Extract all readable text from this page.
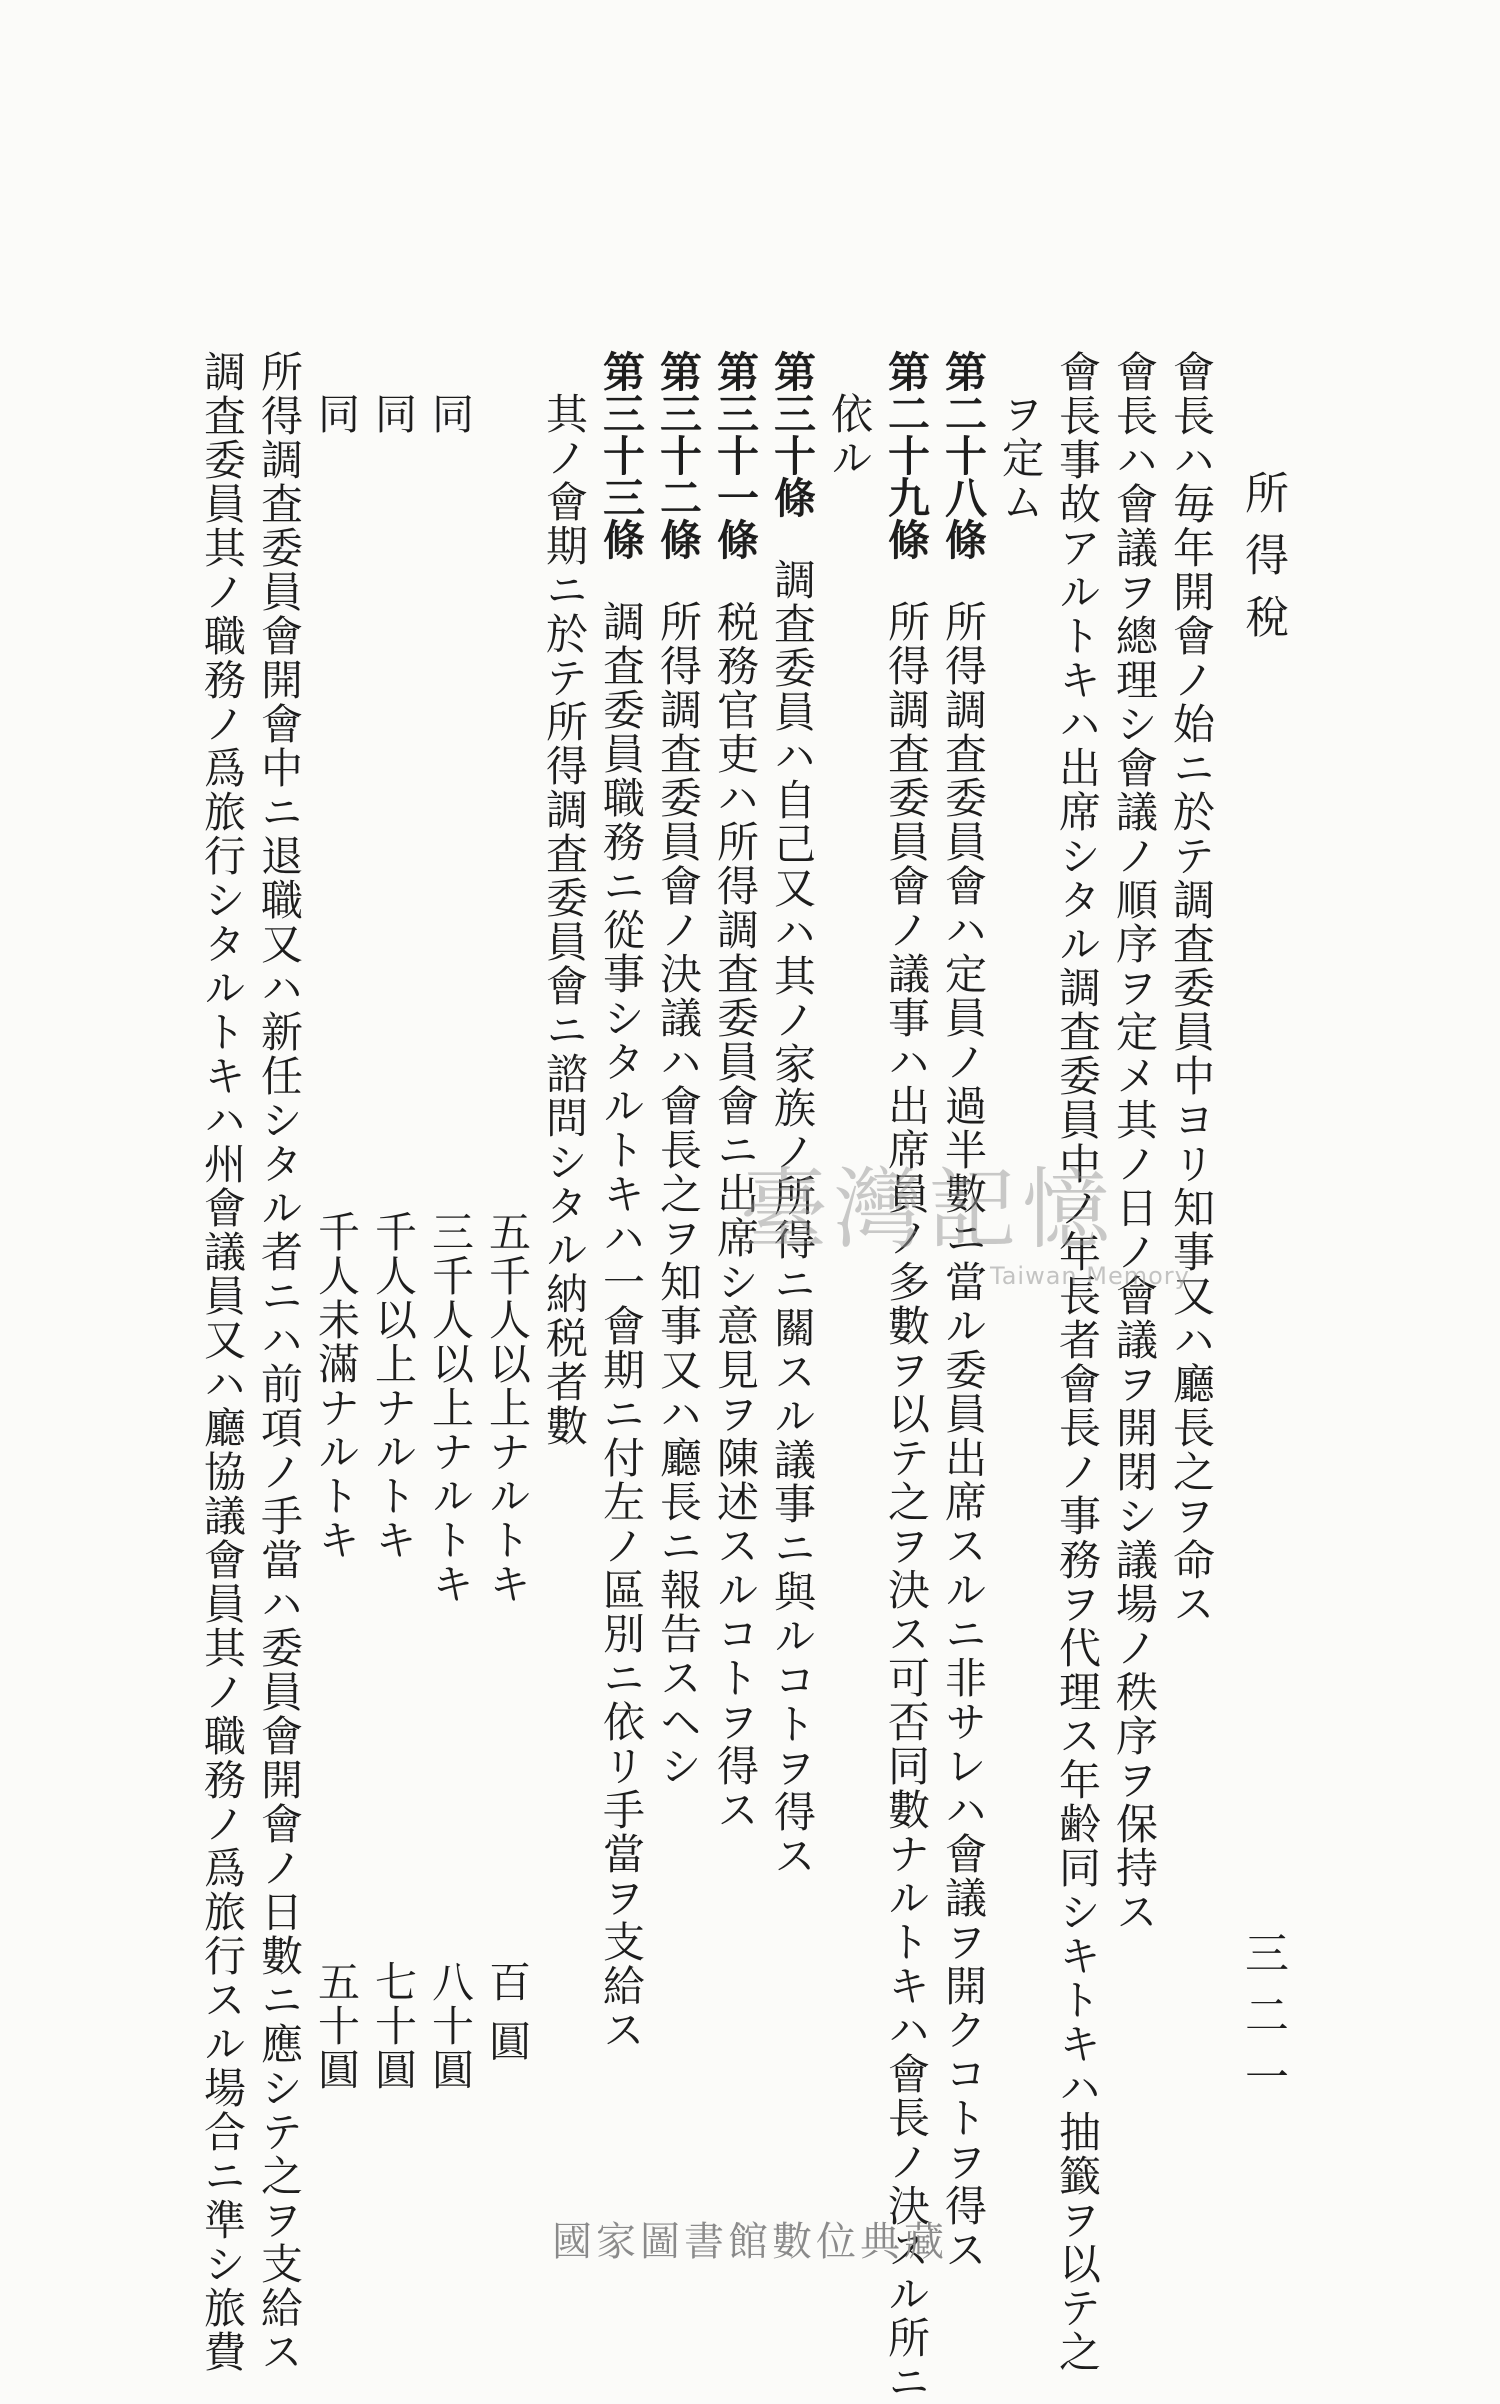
所得稅
三二一
會長ハ毎年開會ノ始ニ於テ調査委員中ヨリ知事又ハ廳長之ヲ命ス
會長ハ會議ヲ總理シ會議ノ順序ヲ定メ其ノ日ノ會議ヲ開閉シ議場ノ秩序ヲ保持ス
會長事故アルトキハ出席シタル調査委員中ノ年長者會長ノ事務ヲ代理ス年齢同シキトキハ抽籤ヲ以テ之
ヲ定ム
第二十八條所得調査委員會ハ定員ノ過半數ニ當ル委員出席スルニ非サレハ會議ヲ開クコトヲ得ス
第二十九條所得調査委員會ノ議事ハ出席員ノ多數ヲ以テ之ヲ決ス可否同數ナルトキハ會長ノ決スル所ニ
依ル
第三十條調査委員ハ自己又ハ其ノ家族ノ所得ニ關スル議事ニ與ルコトヲ得ス
第三十一條税務官吏ハ所得調査委員會ニ出席シ意見ヲ陳述スルコトヲ得ス
第三十二條所得調査委員會ノ決議ハ會長之ヲ知事又ハ廳長ニ報告スヘシ
第三十三條調査委員職務ニ從事シタルトキハ一會期ニ付左ノ區別ニ依リ手當ヲ支給ス
其ノ會期ニ於テ所得調査委員會ニ諮問シタル納税者數
五千人以上ナルトキ
百 圓
同
三千人以上ナルトキ
八十圓
同
千人以上ナルトキ
七十圓
同
千人未滿ナルトキ
五十圓
所得調査委員會開會中ニ退職又ハ新任シタル者ニハ前項ノ手當ハ委員會開會ノ日數ニ應シテ之ヲ支給ス
調査委員其ノ職務ノ爲旅行シタルトキハ州會議員又ハ廳協議會員其ノ職務ノ爲旅行スル場合ニ準シ旅費	臺灣記憶
Taiwan Memory
國家圖書館數位典藏
